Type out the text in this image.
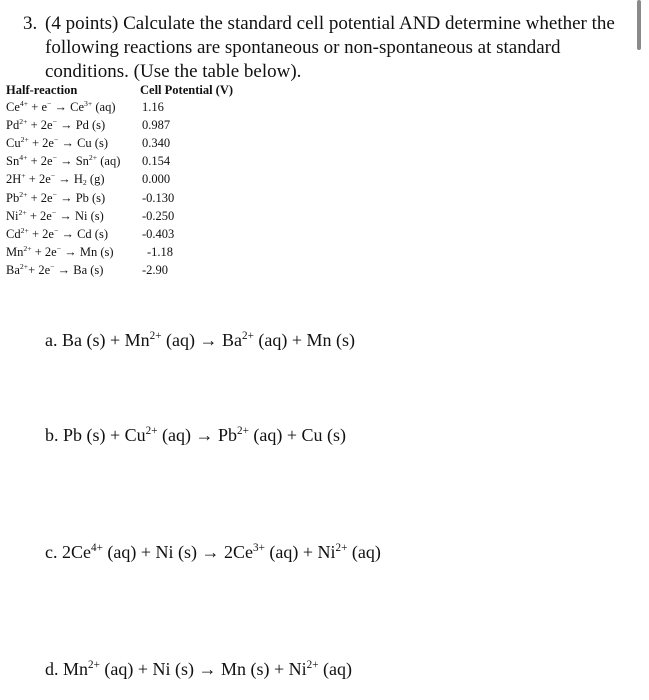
3. (4 points) Calculate the standard cell potential AND determine whether the following reactions are spontaneous or non-spontaneous at standard conditions. (Use the table below).
Half-reaction	Cell Potential (V)
$Ce^{4+} + e^- \to Ce^{3+}$ (aq) 1.16
$Pd^{2+} + 2e^- \to Pd$ (s)	0.987
$Cu^{2+} + 2e^- \to Cu$ (s)	0.340
$Sn^{4+} + 2e^- \to Sn^{2+}$ (aq) 0.154
$2H^+ + 2e^- \to H_2$ (g)	0.000
$Pb^{2+} + 2e^- \to Pb$ (s)	-0.130
$Ni^{2+} + 2e^- \to Ni$ (s)	-0.250
$Cd^{2+} + 2e^- \to Cd$ (s)	-0.403
$Mn^{2+} + 2e^- \to Mn$ (s)	-1.18
$Ba^{2+}+ 2e^- \to Ba$ (s)	-2.90
a. Ba $(s) + Mn^{2+}$ $(aq) \to Ba^{2+}$ (aq) + Mn (s)
b. Pb $(s) + Cu^{2+}$ $(aq) \to Pb^{2+}$ (aq) + Cu (s)
c. $2Ce^{4+}$ (aq) + Ni $(s) \to 2Ce^{3+}$ $(aq) + Ni^{2+}$ (aq)
d. $Mn^{2+}$ (aq) + Ni (s) → Mn $(s) + Ni^{2+}$ (aq)
